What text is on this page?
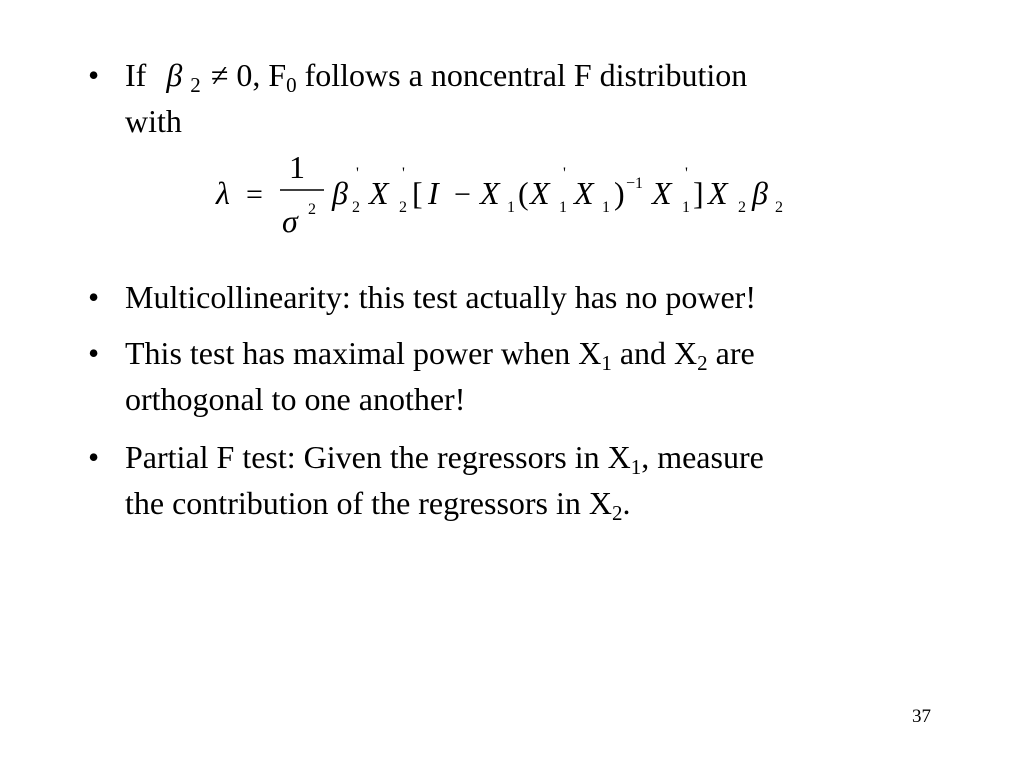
• If β $_2$ ≠ 0, $F_0$ follows a noncentral F distribution
with
λ =
1
σ 2 β
'
2 X
'
2 [ I − X 1 ( X
'
1 X 1 ) −1 X
'
1 ] X 2 β 2
• Multicollinearity: this test actually has no power!
• This test has maximal power when $X_1$ and $X_2$ are
orthogonal to one another!
• Partial F test: Given the regressors in $X_1$, measure
the contribution of the regressors in $X_2$.
37
